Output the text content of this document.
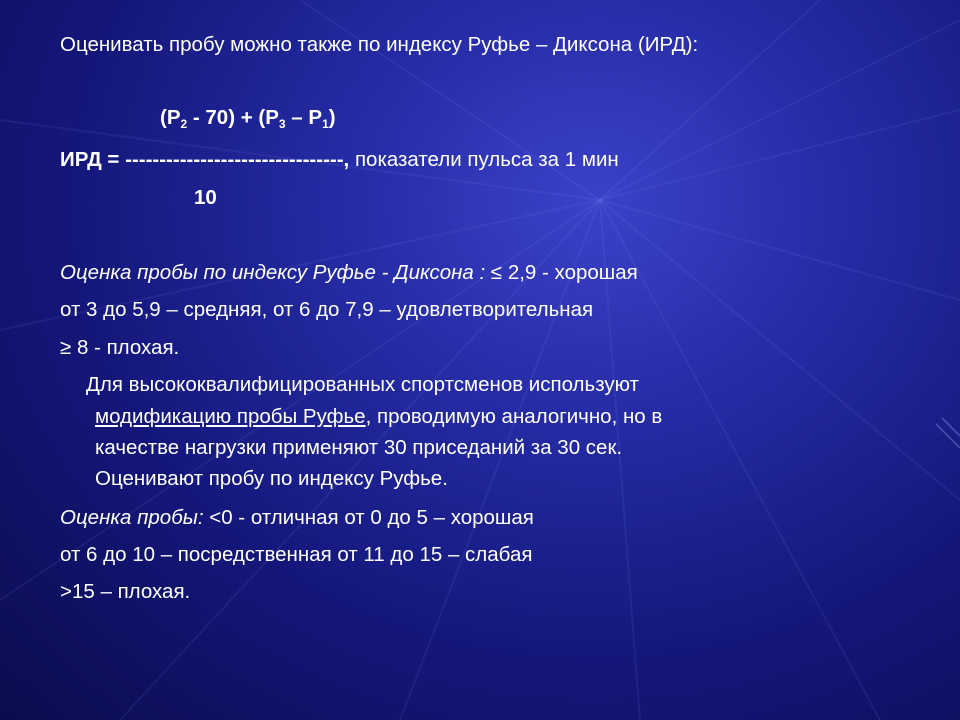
Оценивать пробу можно также по индексу Руфье – Диксона (ИРД):
$(P_2 - 70) + (P_3 - P_1)$
ИРД = --------------------------------, показатели пульса за 1 мин
10
Оценка пробы по индексу Руфье - Диксона : ≤ 2,9 - хорошая
от 3 до 5,9 – средняя, от 6 до 7,9 – удовлетворительная
≥ 8 - плохая.
Для высококвалифицированных спортсменов используют
модификацию пробы Руфье, проводимую аналогично, но в
качестве нагрузки применяют 30 приседаний за 30 сек.
Оценивают пробу по индексу Руфье.
Оценка пробы: <0 - отличная от 0 до 5 – хорошая
от 6 до 10 – посредственная от 11 до 15 – слабая
>15 – плохая.
